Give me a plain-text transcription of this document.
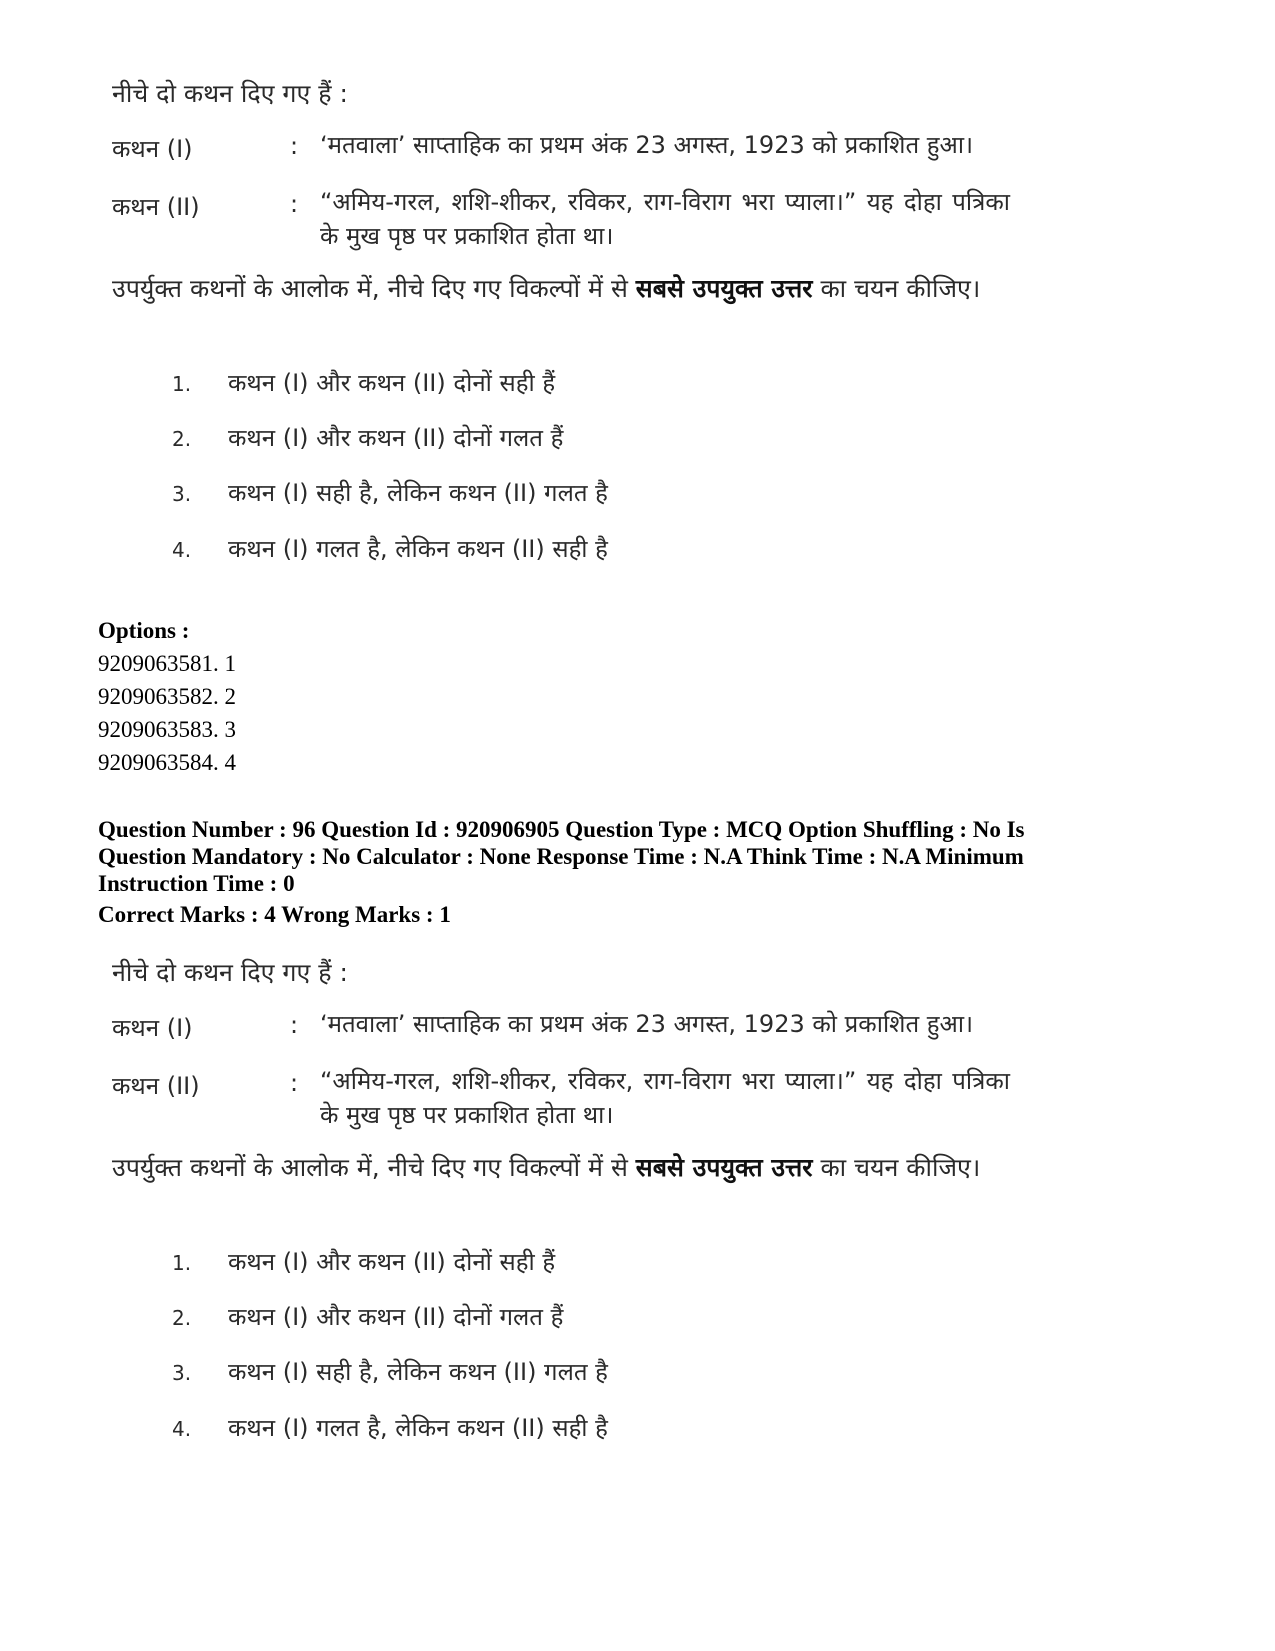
नीचे दो कथन दिए गए हैं :
कथन (I)	: ‘मतवाला’ साप्ताहिक का प्रथम अंक 23 अगस्त, 1923 को प्रकाशित हुआ।
कथन (II)	: “अमिय-गरल, शशि-शीकर, रविकर, राग-विराग भरा प्याला।” यह दोहा पत्रिका के मुख पृष्ठ पर प्रकाशित होता था।
उपर्युक्त कथनों के आलोक में, नीचे दिए गए विकल्पों में से सबसे उपयुक्त उत्तर का चयन कीजिए।
1. कथन (I) और कथन (II) दोनों सही हैं
2. कथन (I) और कथन (II) दोनों गलत हैं
3. कथन (I) सही है, लेकिन कथन (II) गलत है
4. कथन (I) गलत है, लेकिन कथन (II) सही है
Options :
9209063581. 1
9209063582. 2
9209063583. 3
9209063584. 4
Question Number : 96 Question Id : 920906905 Question Type : MCQ Option Shuffling : No Is
Question Mandatory : No Calculator : None Response Time : N.A Think Time : N.A Minimum
Instruction Time : 0
Correct Marks : 4 Wrong Marks : 1
नीचे दो कथन दिए गए हैं :
कथन (I)	: ‘मतवाला’ साप्ताहिक का प्रथम अंक 23 अगस्त, 1923 को प्रकाशित हुआ।
कथन (II)	: “अमिय-गरल, शशि-शीकर, रविकर, राग-विराग भरा प्याला।” यह दोहा पत्रिका के मुख पृष्ठ पर प्रकाशित होता था।
उपर्युक्त कथनों के आलोक में, नीचे दिए गए विकल्पों में से सबसे उपयुक्त उत्तर का चयन कीजिए।
1. कथन (I) और कथन (II) दोनों सही हैं
2. कथन (I) और कथन (II) दोनों गलत हैं
3. कथन (I) सही है, लेकिन कथन (II) गलत है
4. कथन (I) गलत है, लेकिन कथन (II) सही है
